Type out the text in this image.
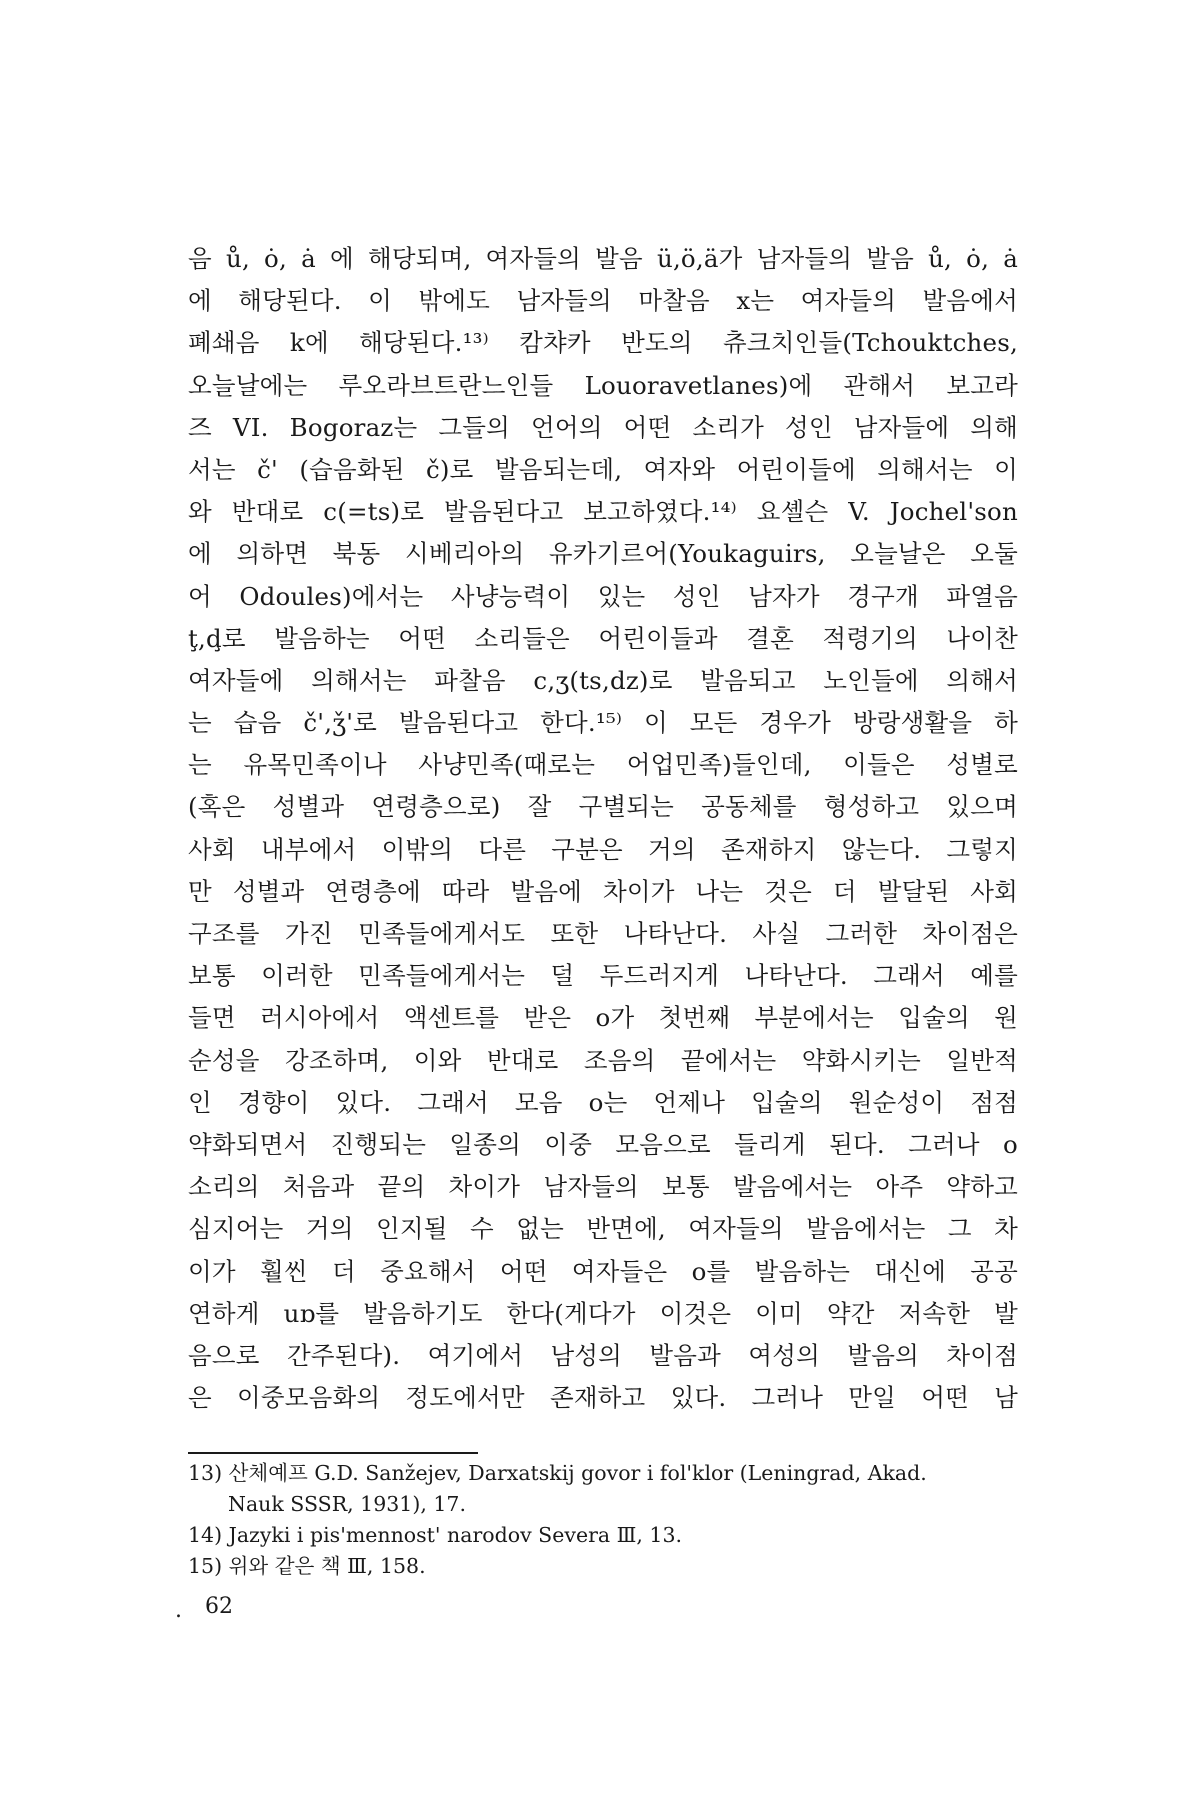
음 ů, ȯ, ȧ 에 해당되며, 여자들의 발음 ü,ö,ä가 남자들의 발음 ů, ȯ, ȧ
에 해당된다. 이 밖에도 남자들의 마찰음 x는 여자들의 발음에서
폐쇄음 k에 해당된다.¹³⁾ 캄챠카 반도의 츄크치인들(Tchouktches,
오늘날에는 루오라브트란느인들 Louoravetlanes)에 관해서 보고라
즈 VI. Bogoraz는 그들의 언어의 어떤 소리가 성인 남자들에 의해
서는 č' (습음화된 č)로 발음되는데, 여자와 어린이들에 의해서는 이
와 반대로 c(=ts)로 발음된다고 보고하였다.¹⁴⁾ 요셸슨 V. Jochel'son
에 의하면 북동 시베리아의 유카기르어(Youkaguirs, 오늘날은 오둘
어 Odoules)에서는 사냥능력이 있는 성인 남자가 경구개 파열음
ţ,ḑ로 발음하는 어떤 소리들은 어린이들과 결혼 적령기의 나이찬
여자들에 의해서는 파찰음 c,ʒ(ts,dz)로 발음되고 노인들에 의해서
는 습음 č',ǯ'로 발음된다고 한다.¹⁵⁾ 이 모든 경우가 방랑생활을 하
는 유목민족이나 사냥민족(때로는 어업민족)들인데, 이들은 성별로
(혹은 성별과 연령층으로) 잘 구별되는 공동체를 형성하고 있으며
사회 내부에서 이밖의 다른 구분은 거의 존재하지 않는다. 그렇지
만 성별과 연령층에 따라 발음에 차이가 나는 것은 더 발달된 사회
구조를 가진 민족들에게서도 또한 나타난다. 사실 그러한 차이점은
보통 이러한 민족들에게서는 덜 두드러지게 나타난다. 그래서 예를
들면 러시아에서 액센트를 받은 o가 첫번째 부분에서는 입술의 원
순성을 강조하며, 이와 반대로 조음의 끝에서는 약화시키는 일반적
인 경향이 있다. 그래서 모음 o는 언제나 입술의 원순성이 점점
약화되면서 진행되는 일종의 이중 모음으로 들리게 된다. 그러나 o
소리의 처음과 끝의 차이가 남자들의 보통 발음에서는 아주 약하고
심지어는 거의 인지될 수 없는 반면에, 여자들의 발음에서는 그 차
이가 훨씬 더 중요해서 어떤 여자들은 o를 발음하는 대신에 공공
연하게 uɒ를 발음하기도 한다(게다가 이것은 이미 약간 저속한 발
음으로 간주된다). 여기에서 남성의 발음과 여성의 발음의 차이점
은 이중모음화의 정도에서만 존재하고 있다. 그러나 만일 어떤 남
13) 산체예프 G.D. Sanžejev, Darxatskij govor i fol'klor (Leningrad, Akad.
Nauk SSSR, 1931), 17.
14) Jazyki i pis'mennost' narodov Severa Ⅲ, 13.
15) 위와 같은 책 Ⅲ, 158.
. 62
